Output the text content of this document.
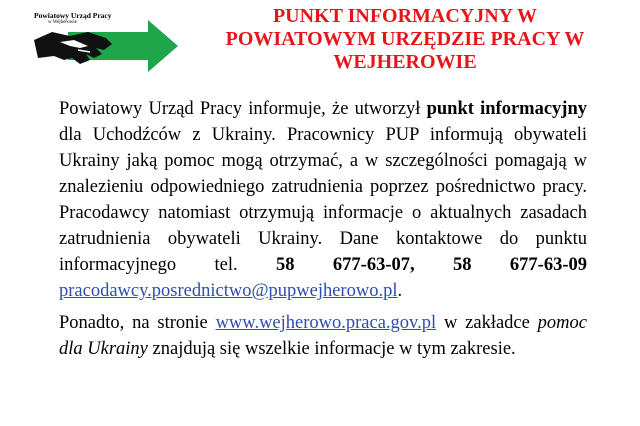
Powiatowy Urząd Pracy
w Wejherowie	PUNKT INFORMACYJNY W
POWIATOWYM URZĘDZIE PRACY W
WEJHEROWIE

Powiatowy Urząd Pracy informuje, że utworzył punkt informacyjny dla Uchodźców z Ukrainy. Pracownicy PUP informują obywateli Ukrainy jaką pomoc mogą otrzymać, a w szczególności pomagają w znalezieniu odpowiedniego zatrudnienia poprzez pośrednictwo pracy. Pracodawcy natomiast otrzymują informacje o aktualnych zasadach zatrudnienia obywateli Ukrainy. Dane kontaktowe do punktu informacyjnego tel. 58 677-63-07, 58 677-63-09 pracodawcy.posrednictwo@pupwejherowo.pl.

Ponadto, na stronie www.wejherowo.praca.gov.pl w zakładce pomoc dla Ukrainy znajdują się wszelkie informacje w tym zakresie.
